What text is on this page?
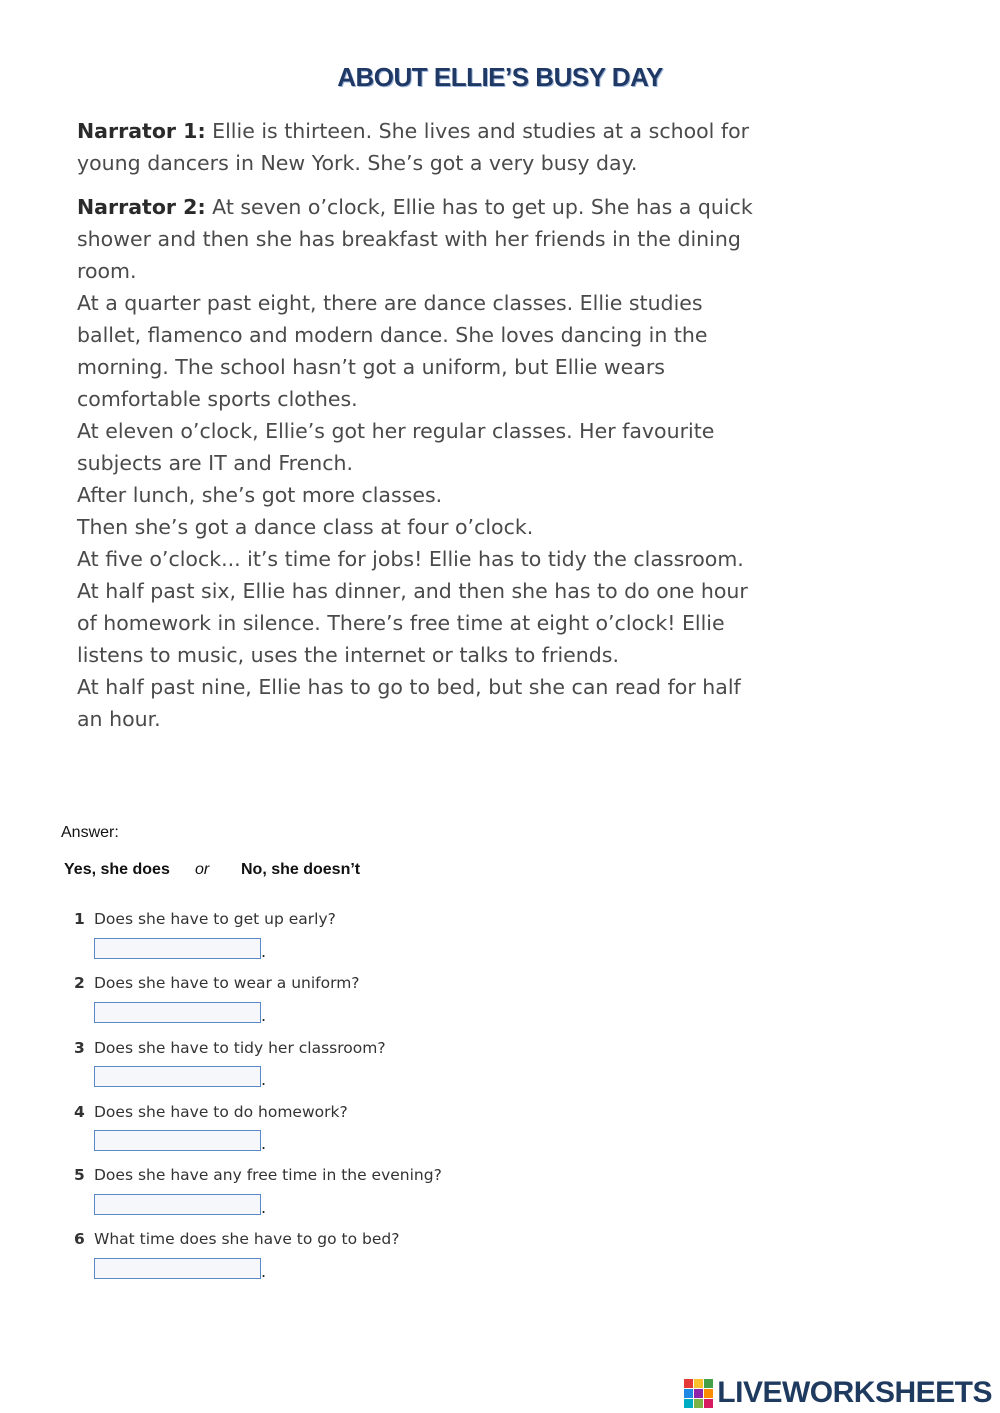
ABOUT ELLIE’S BUSY DAY

Narrator 1: Ellie is thirteen. She lives and studies at a school for young dancers in New York. She’s got a very busy day.

Narrator 2: At seven o’clock, Ellie has to get up. She has a quick shower and then she has breakfast with her friends in the dining room.

At a quarter past eight, there are dance classes. Ellie studies ballet, flamenco and modern dance. She loves dancing in the morning. The school hasn’t got a uniform, but Ellie wears comfortable sports clothes.

At eleven o’clock, Ellie’s got her regular classes. Her favourite subjects are IT and French.

After lunch, she’s got more classes.

Then she’s got a dance class at four o’clock.

At five o’clock... it’s time for jobs! Ellie has to tidy the classroom.

At half past six, Ellie has dinner, and then she has to do one hour of homework in silence. There’s free time at eight o’clock! Ellie listens to music, uses the internet or talks to friends.

At half past nine, Ellie has to go to bed, but she can read for half an hour.

Answer:
Yes, she does or No, she doesn’t
1 Does she have to get up early?
.
2 Does she have to wear a uniform?
.
3 Does she have to tidy her classroom?
.
4 Does she have to do homework?
.
5 Does she have any free time in the evening?
.
6 What time does she have to go to bed?
.
LIVEWORKSHEETS
